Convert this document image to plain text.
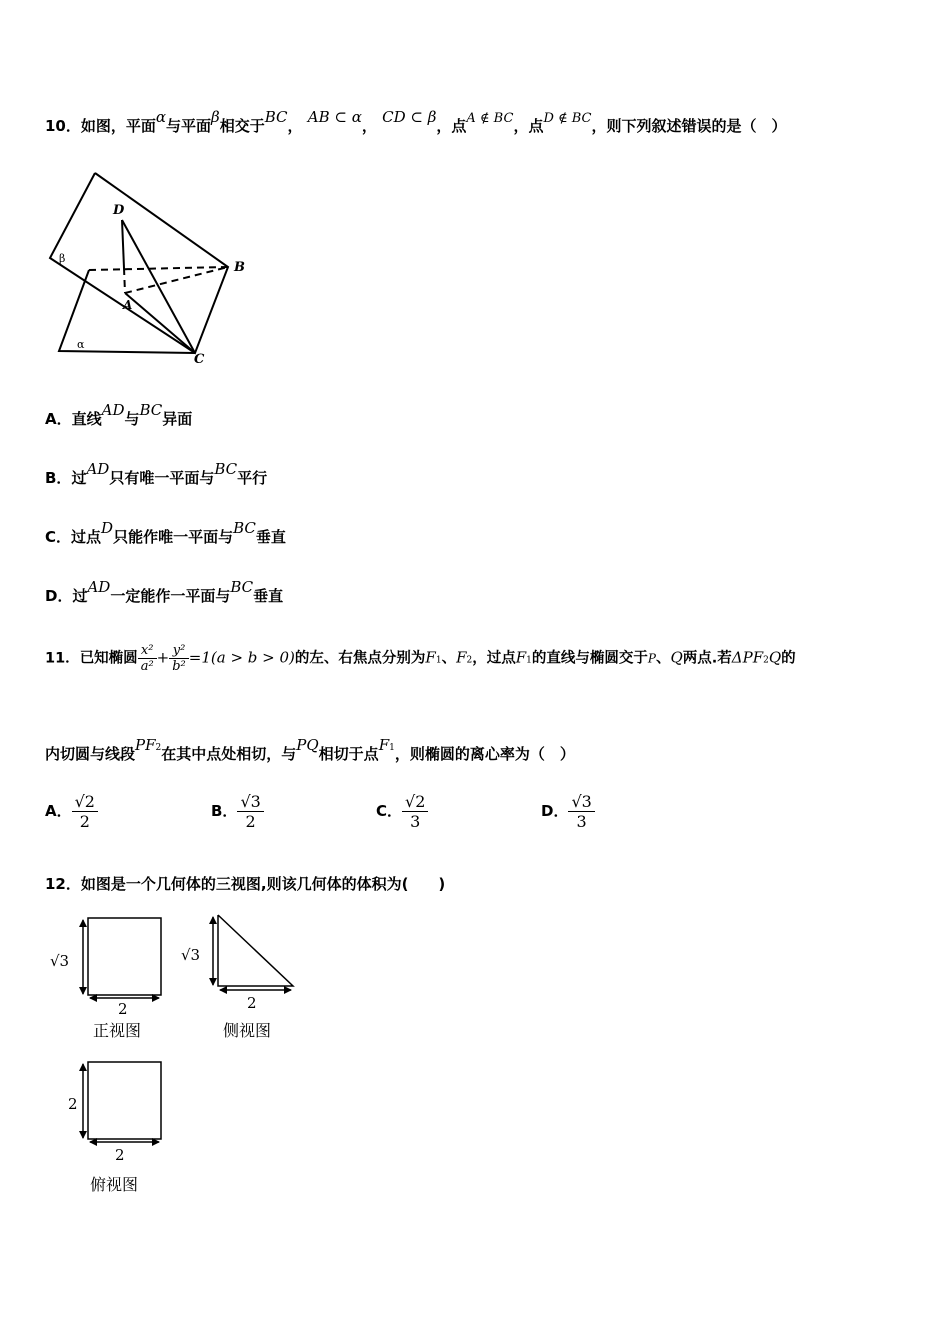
10．如图，平面α与平面β相交于BC， AB ⊂ α， CD ⊂ β，点A ∉ BC，点D ∉ BC，则下列叙述错误的是（　）
D
B
A
C
β
α
A．直线AD与BC异面
B．过AD只有唯一平面与BC平行
C．过点D只能作唯一平面与BC垂直
D．过AD一定能作一平面与BC垂直
11．已知椭圆 $\frac{\text{x²}}{\text{a²}} + \frac{\text{y²}}{\text{b²}} =1(a > b > 0)$的左、右焦点分别为F1、F2，过点F1的直线与椭圆交于P、Q两点.若ΔPF2Q的
内切圆与线段PF2在其中点处相切，与PQ相切于点F1，则椭圆的离心率为（　）
A． $\frac{√2}{2}$	B． $\frac{√3}{2}$	C． $\frac{√2}{3}$	D． $\frac{√3}{3}$
12．如图是一个几何体的三视图,则该几何体的体积为(　　)
√3
2
正视图
√3
2
侧视图
2
2
俯视图
